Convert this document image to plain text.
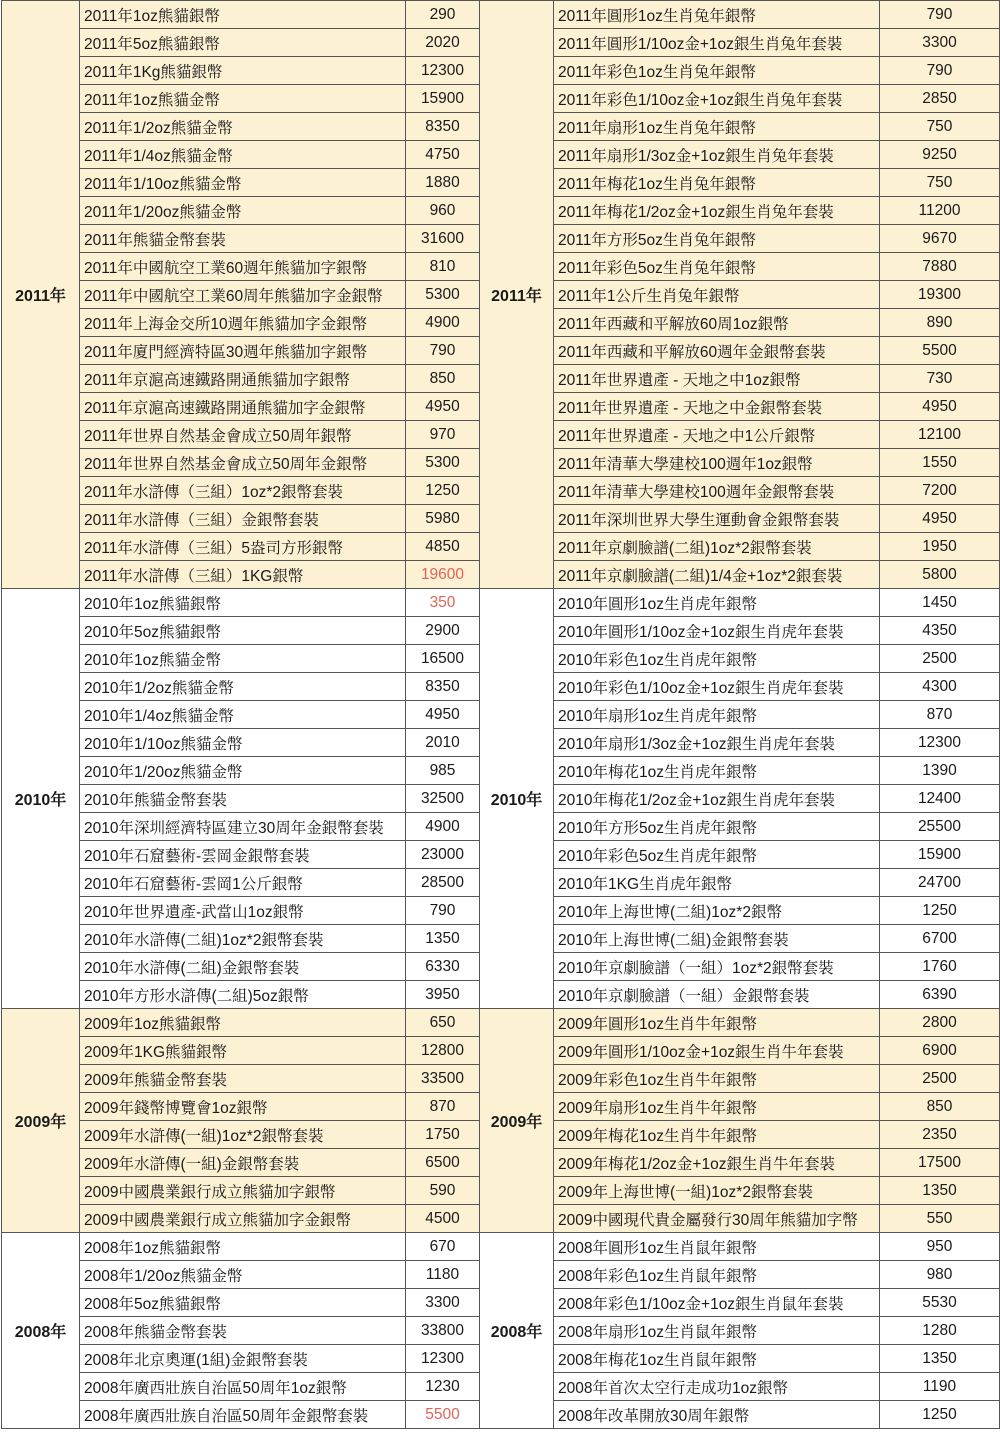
2011年	2011年1oz熊貓銀幣	290	2011年	2011年圓形1oz生肖兔年銀幣	790
	2011年5oz熊貓銀幣	2020		2011年圓形1/10oz金+1oz銀生肖兔年套裝	3300
	2011年1Kg熊貓銀幣	12300		2011年彩色1oz生肖兔年銀幣	790
	2011年1oz熊貓金幣	15900		2011年彩色1/10oz金+1oz銀生肖兔年套裝	2850
	2011年1/2oz熊貓金幣	8350		2011年扇形1oz生肖兔年銀幣	750
	2011年1/4oz熊貓金幣	4750		2011年扇形1/3oz金+1oz銀生肖兔年套裝	9250
	2011年1/10oz熊貓金幣	1880		2011年梅花1oz生肖兔年銀幣	750
	2011年1/20oz熊貓金幣	960		2011年梅花1/2oz金+1oz銀生肖兔年套裝	11200
	2011年熊貓金幣套裝	31600		2011年方形5oz生肖兔年銀幣	9670
	2011年中國航空工業60週年熊貓加字銀幣	810		2011年彩色5oz生肖兔年銀幣	7880
	2011年中國航空工業60周年熊貓加字金銀幣	5300		2011年1公斤生肖兔年銀幣	19300
	2011年上海金交所10週年熊貓加字金銀幣	4900		2011年西藏和平解放60周1oz銀幣	890
	2011年廈門經濟特區30週年熊貓加字銀幣	790		2011年西藏和平解放60週年金銀幣套裝	5500
	2011年京滬高速鐵路開通熊貓加字銀幣	850		2011年世界遺產 - 天地之中1oz銀幣	730
	2011年京滬高速鐵路開通熊貓加字金銀幣	4950		2011年世界遺產 - 天地之中金銀幣套裝	4950
	2011年世界自然基金會成立50周年銀幣	970		2011年世界遺產 - 天地之中1公斤銀幣	12100
	2011年世界自然基金會成立50周年金銀幣	5300		2011年清華大學建校100週年1oz銀幣	1550
	2011年水滸傳（三組）1oz*2銀幣套裝	1250		2011年清華大學建校100週年金銀幣套裝	7200
	2011年水滸傳（三組）金銀幣套裝	5980		2011年深圳世界大學生運動會金銀幣套裝	4950
	2011年水滸傳（三組）5盎司方形銀幣	4850		2011年京劇臉譜(二組)1oz*2銀幣套裝	1950
	2011年水滸傳（三組）1KG銀幣	19600		2011年京劇臉譜(二組)1/4金+1oz*2銀套裝	5800
2010年	2010年1oz熊貓銀幣	350	2010年	2010年圓形1oz生肖虎年銀幣	1450
	2010年5oz熊貓銀幣	2900		2010年圓形1/10oz金+1oz銀生肖虎年套裝	4350
	2010年1oz熊貓金幣	16500		2010年彩色1oz生肖虎年銀幣	2500
	2010年1/2oz熊貓金幣	8350		2010年彩色1/10oz金+1oz銀生肖虎年套裝	4300
	2010年1/4oz熊貓金幣	4950		2010年扇形1oz生肖虎年銀幣	870
	2010年1/10oz熊貓金幣	2010		2010年扇形1/3oz金+1oz銀生肖虎年套裝	12300
	2010年1/20oz熊貓金幣	985		2010年梅花1oz生肖虎年銀幣	1390
	2010年熊貓金幣套裝	32500		2010年梅花1/2oz金+1oz銀生肖虎年套裝	12400
	2010年深圳經濟特區建立30周年金銀幣套裝	4900		2010年方形5oz生肖虎年銀幣	25500
	2010年石窟藝術-雲岡金銀幣套裝	23000		2010年彩色5oz生肖虎年銀幣	15900
	2010年石窟藝術-雲岡1公斤銀幣	28500		2010年1KG生肖虎年銀幣	24700
	2010年世界遺產-武當山1oz銀幣	790		2010年上海世博(二組)1oz*2銀幣	1250
	2010年水滸傳(二組)1oz*2銀幣套裝	1350		2010年上海世博(二組)金銀幣套裝	6700
	2010年水滸傳(二組)金銀幣套裝	6330		2010年京劇臉譜（一組）1oz*2銀幣套裝	1760
	2010年方形水滸傳(二組)5oz銀幣	3950		2010年京劇臉譜（一組）金銀幣套裝	6390
2009年	2009年1oz熊貓銀幣	650	2009年	2009年圓形1oz生肖牛年銀幣	2800
	2009年1KG熊貓銀幣	12800		2009年圓形1/10oz金+1oz銀生肖牛年套裝	6900
	2009年熊貓金幣套裝	33500		2009年彩色1oz生肖牛年銀幣	2500
	2009年錢幣博覽會1oz銀幣	870		2009年扇形1oz生肖牛年銀幣	850
	2009年水滸傳(一組)1oz*2銀幣套裝	1750		2009年梅花1oz生肖牛年銀幣	2350
	2009年水滸傳(一組)金銀幣套裝	6500		2009年梅花1/2oz金+1oz銀生肖牛年套裝	17500
	2009中國農業銀行成立熊貓加字銀幣	590		2009年上海世博(一組)1oz*2銀幣套裝	1350
	2009中國農業銀行成立熊貓加字金銀幣	4500		2009中國現代貴金屬發行30周年熊貓加字幣	550
2008年	2008年1oz熊貓銀幣	670	2008年	2008年圓形1oz生肖鼠年銀幣	950
	2008年1/20oz熊貓金幣	1180		2008年彩色1oz生肖鼠年銀幣	980
	2008年5oz熊貓銀幣	3300		2008年彩色1/10oz金+1oz銀生肖鼠年套裝	5530
	2008年熊貓金幣套裝	33800		2008年扇形1oz生肖鼠年銀幣	1280
	2008年北京奧運(1組)金銀幣套裝	12300		2008年梅花1oz生肖鼠年銀幣	1350
	2008年廣西壯族自治區50周年1oz銀幣	1230		2008年首次太空行走成功1oz銀幣	1190
	2008年廣西壯族自治區50周年金銀幣套裝	5500		2008年改革開放30周年銀幣	1250
